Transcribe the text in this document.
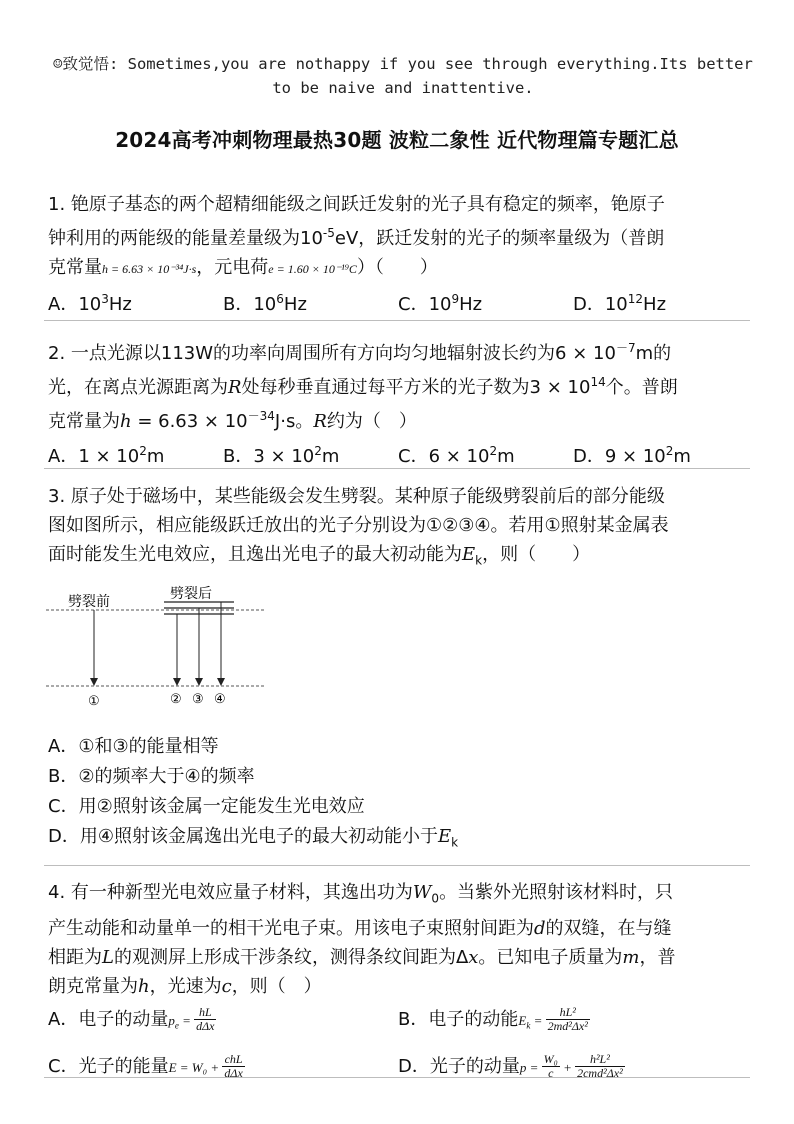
☺致觉悟: Sometimes,you are nothappy if you see through everything.Its better to be naive and inattentive.
2024高考冲刺物理最热30题 波粒二象性 近代物理篇专题汇总

1. 铯原子基态的两个超精细能级之间跃迁发射的光子具有稳定的频率，铯原子

钟利用的两能级的能量差量级为$10^{-5}eV$，跃迁发射的光子的频率量级为（普朗

克常量h = 6.63 × 10⁻³⁴J·s，元电荷e = 1.60 × 10⁻¹⁹C）（　　）

A．$10^3Hz$	B．$10^6Hz$	C．$10^9Hz$	D．$10^{12}Hz$

2. 一点光源以113W的功率向周围所有方向均匀地辐射波长约为$6 \times 10^{-7}m$的

光，在离点光源距离为R处每秒垂直通过每平方米的光子数为$3 \times 10^{14}$个。普朗

克常量为$h = 6.63 \times 10^{-34}J\cdot s$。R约为（　）

A．$1 \times 10^2m$	B．$3 \times 10^2m$	C．$6 \times 10^2m$	D．$9 \times 10^2m$

3. 原子处于磁场中，某些能级会发生劈裂。某种原子能级劈裂前后的部分能级

图如图所示，相应能级跃迁放出的光子分别设为①②③④。若用①照射某金属表

面时能发生光电效应，且逸出光电子的最大初动能为$E_k$，则（　　）

劈裂前	劈裂后
①	② ③ ④
A．①和③的能量相等
B．②的频率大于④的频率
C．用②照射该金属一定能发生光电效应
D．用④照射该金属逸出光电子的最大初动能小于$E_k$

4. 有一种新型光电效应量子材料，其逸出功为$W_0$。当紫外光照射该材料时，只

产生动能和动量单一的相干光电子束。用该电子束照射间距为d的双缝，在与缝

相距为L的观测屏上形成干涉条纹，测得条纹间距为Δx。已知电子质量为m，普

朗克常量为h，光速为c，则（　）

A．电子的动量$p_e = \frac{hL}{\text{dΔx}}$	B．电子的动能$E_k = \frac{\text{hL²}}{\text{2md²Δx²}}$
C．光子的能量$E = W_0 + \frac{\text{chL}}{\text{dΔx}}$	D．光子的动量$p = \frac{\text{W₀}}{c} + \frac{\text{h²L²}}{\text{2cmd²Δx²}}$
